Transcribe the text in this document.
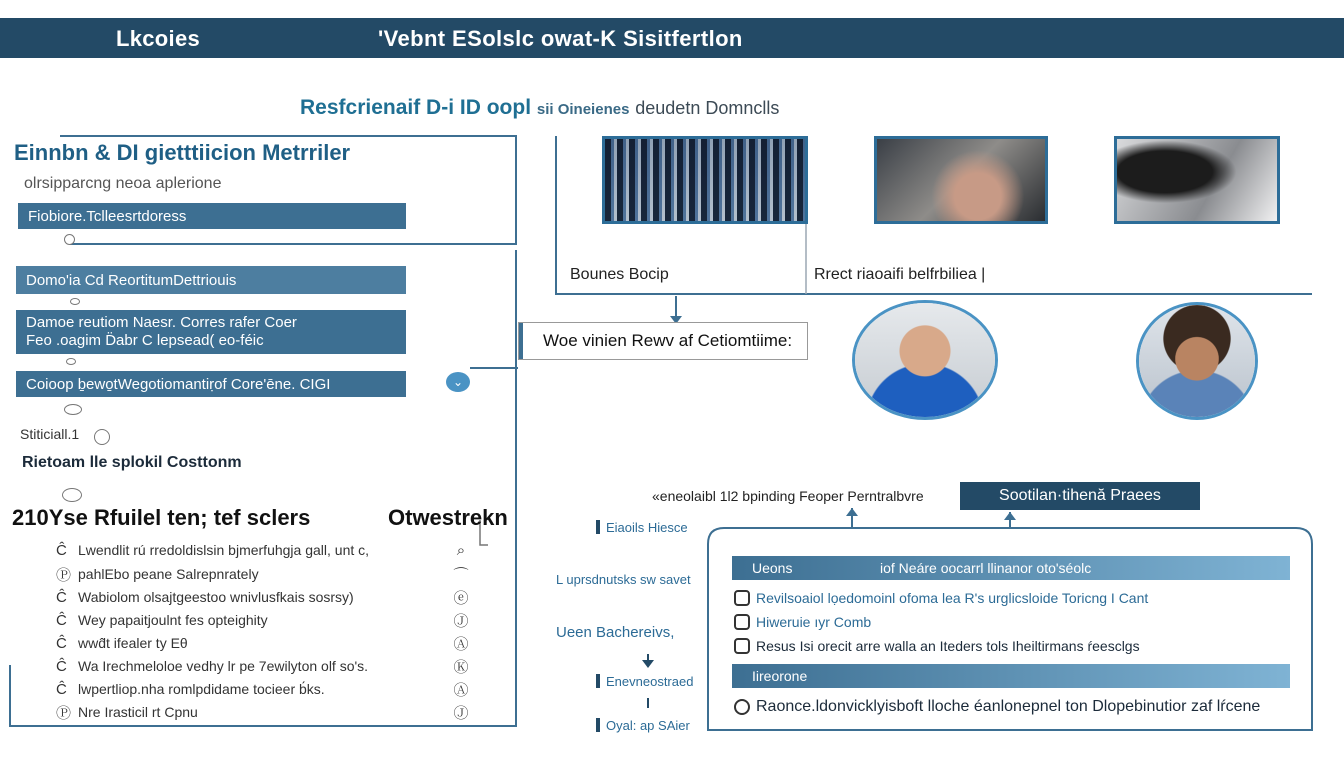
Lkcoies	'Vebnt ESolslc owat-K Sisitfertlon
Resfcrienaif D-i ID oopl sii Oineienes deudetn Domnclls
Einnbn & DI gietttiicion Metrriler
olrsipparcng neoa aplerione
Fiobiore.Tclleesrtdoress
Domo'ia Cd ReortitumDettriouis
Damoe reutiom Naesr. Corres rafer Coer
Feo .oagim D̈abr C lepsead( eo-féic
Coioop ḇewo̱tWegotiomantiṛof Core'ēne. CIGI	⌄
Stiticiall.1
Rietoam lle splokil Costtonm
210Yse Rfuilel ten; tef sclers	Otwestrekn
Ĉ Lwendlit rú rredoldislsin bjmerfuhgja gall, unt c,	⌕
Ⓟ pahlEbo peane Salrepnrately	⌒
Ĉ Wabiolom olsajtgeestoo wnivlusfkais sosrsy)	ⓔ
Ĉ Wey papaitjoulnt fes opteighity	Ⓙ
Ĉ wwd̂t ifealer ty Eθ	Ⓐ
Ĉ Wa Irechmeloloe vedhy lr pe 7ewilyton olf so's.	Ⓚ
Ĉ lwpertliop.nha romlpdidame tocieer b́ks.	Ⓐ
Ⓟ Nre Irasticil rt Cpnu	Ⓙ
Bounes Bocip	Rrect riaoaifi belfrbiliea |
Woe vinien Rewv af Cetiomtiime:
«eneolaibl 1l2 bpinding Feoper Perntralbvre	Sootilan·tihenă Praees
Eiaoils Hiesce
L uprsdnutsks sw savet
Ueen Bachereivs,
Enevneostraed
Oyal: ap SAier
Ueons	iof Neáre oocarrl llinanor oto'séolc
Revilsoaiol lọedomoinl ofoma lea R's urglicsloide Toricng I Cant
Hiweruie ıyr Comb
Resus Isi orecit arre walla an Iteders tols Iheiltirmans ŕeesclgs
Iireorone
Raonce.ldonvicklyisboft lloche éanlonepnel ton Dlopebinutior zaf lŕcene
